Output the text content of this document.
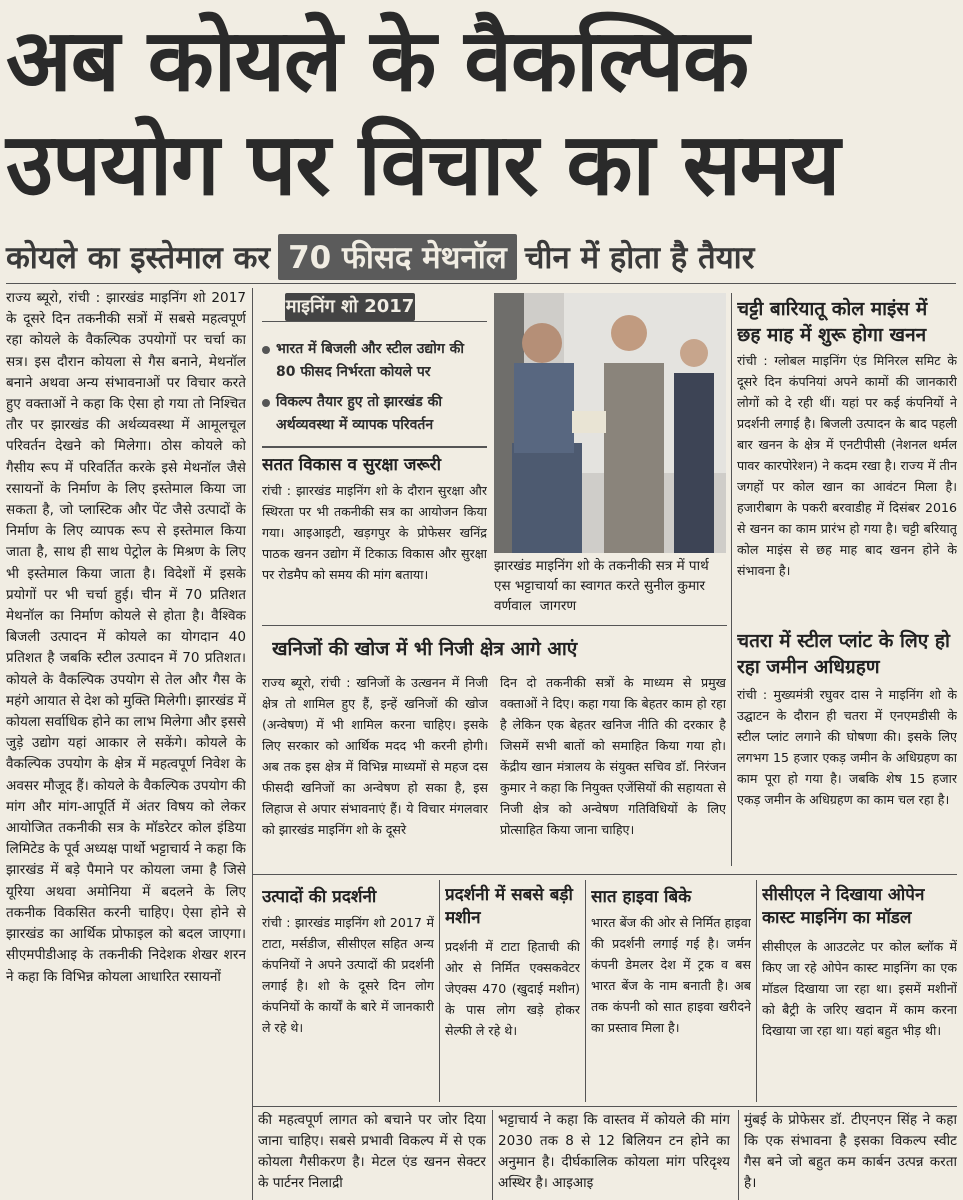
अब कोयले के वैकल्पिक
उपयोग पर विचार का समय
कोयले का इस्तेमाल कर 70 फीसद मेथनॉल चीन में होता है तैयार
राज्य ब्यूरो, रांची : झारखंड माइनिंग शो 2017 के दूसरे दिन तकनीकी सत्रों में सबसे महत्वपूर्ण रहा कोयले के वैकल्पिक उपयोगों पर चर्चा का सत्र। इस दौरान कोयला से गैस बनाने, मेथनॉल बनाने अथवा अन्य संभावनाओं पर विचार करते हुए वक्ताओं ने कहा कि ऐसा हो गया तो निश्चित तौर पर झारखंड की अर्थव्यवस्था में आमूलचूल परिवर्तन देखने को मिलेगा। ठोस कोयले को गैसीय रूप में परिवर्तित करके इसे मेथनॉल जैसे रसायनों के निर्माण के लिए इस्तेमाल किया जा सकता है, जो प्लास्टिक और पेंट जैसे उत्पादों के निर्माण के लिए व्यापक रूप से इस्तेमाल किया जाता है, साथ ही साथ पेट्रोल के मिश्रण के लिए भी इस्तेमाल किया जाता है। विदेशों में इसके प्रयोगों पर भी चर्चा हुई। चीन में 70 प्रतिशत मेथनॉल का निर्माण कोयले से होता है। वैश्विक बिजली उत्पादन में कोयले का योगदान 40 प्रतिशत है जबकि स्टील उत्पादन में 70 प्रतिशत। कोयले के वैकल्पिक उपयोग से तेल और गैस के महंगे आयात से देश को मुक्ति मिलेगी। झारखंड में कोयला सर्वाधिक होने का लाभ मिलेगा और इससे जुड़े उद्योग यहां आकार ले सकेंगे। कोयले के वैकल्पिक उपयोग के क्षेत्र में महत्वपूर्ण निवेश के अवसर मौजूद हैं। कोयले के वैकल्पिक उपयोग की मांग और मांग-आपूर्ति में अंतर विषय को लेकर आयोजित तकनीकी सत्र के मॉडरेटर कोल इंडिया लिमिटेड के पूर्व अध्यक्ष पार्थो भट्टाचार्य ने कहा कि झारखंड में बड़े पैमाने पर कोयला जमा है जिसे यूरिया अथवा अमोनिया में बदलने के लिए तकनीक विकसित करनी चाहिए। ऐसा होने से झारखंड का आर्थिक प्रोफाइल को बदल जाएगा। सीएमपीडीआइ के तकनीकी निदेशक शेखर शरन ने कहा कि विभिन्न कोयला आधारित रसायनों
माइनिंग शो 2017
भारत में बिजली और स्टील उद्योग की 80 फीसद निर्भरता कोयले पर
विकल्प तैयार हुए तो झारखंड की अर्थव्यवस्था में व्यापक परिवर्तन
सतत विकास व सुरक्षा जरूरी
रांची : झारखंड माइनिंग शो के दौरान सुरक्षा और स्थिरता पर भी तकनीकी सत्र का आयोजन किया गया। आइआइटी, खड़गपुर के प्रोफेसर खनिंद्र पाठक खनन उद्योग में टिकाऊ विकास और सुरक्षा पर रोडमैप को समय की मांग बताया।
झारखंड माइनिंग शो के तकनीकी सत्र में पार्थ एस भट्टाचार्या का स्वागत करते सुनील कुमार वर्णवाल जागरण
चट्टी बारियातू कोल माइंस में छह माह में शुरू होगा खनन
रांची : ग्लोबल माइनिंग एंड मिनिरल समिट के दूसरे दिन कंपनियां अपने कामों की जानकारी लोगों को दे रही थीं। यहां पर कई कंपनियों ने प्रदर्शनी लगाई है। बिजली उत्पादन के बाद पहली बार खनन के क्षेत्र में एनटीपीसी (नेशनल थर्मल पावर कारपोरेशन) ने कदम रखा है। राज्य में तीन जगहों पर कोल खान का आवंटन मिला है। हजारीबाग के पकरी बरवाडीह में दिसंबर 2016 से खनन का काम प्रारंभ हो गया है। चट्टी बरियातू कोल माइंस से छह माह बाद खनन होने के संभावना है।
चतरा में स्टील प्लांट के लिए हो रहा जमीन अधिग्रहण
रांची : मुख्यमंत्री रघुवर दास ने माइनिंग शो के उद्घाटन के दौरान ही चतरा में एनएमडीसी के स्टील प्लांट लगाने की घोषणा की। इसके लिए लगभग 15 हजार एकड़ जमीन के अधिग्रहण का काम पूरा हो गया है। जबकि शेष 15 हजार एकड़ जमीन के अधिग्रहण का काम चल रहा है।
खनिजों की खोज में भी निजी क्षेत्र आगे आएं
राज्य ब्यूरो, रांची : खनिजों के उत्खनन में निजी क्षेत्र तो शामिल हुए हैं, इन्हें खनिजों की खोज (अन्वेषण) में भी शामिल करना चाहिए। इसके लिए सरकार को आर्थिक मदद भी करनी होगी। अब तक इस क्षेत्र में विभिन्न माध्यमों से महज दस फीसदी खनिजों का अन्वेषण हो सका है, इस लिहाज से अपार संभावनाएं हैं। ये विचार मंगलवार को झारखंड माइनिंग शो के दूसरे
दिन दो तकनीकी सत्रों के माध्यम से प्रमुख वक्ताओं ने दिए। कहा गया कि बेहतर काम हो रहा है लेकिन एक बेहतर खनिज नीति की दरकार है जिसमें सभी बातों को समाहित किया गया हो। केंद्रीय खान मंत्रालय के संयुक्त सचिव डॉ. निरंजन कुमार ने कहा कि नियुक्त एजेंसियों की सहायता से निजी क्षेत्र को अन्वेषण गतिविधियों के लिए प्रोत्साहित किया जाना चाहिए।
उत्पादों की प्रदर्शनी
रांची : झारखंड माइनिंग शो 2017 में टाटा, मर्सडीज, सीसीएल सहित अन्य कंपनियों ने अपने उत्पादों की प्रदर्शनी लगाई है। शो के दूसरे दिन लोग कंपनियों के कार्यों के बारे में जानकारी ले रहे थे।
प्रदर्शनी में सबसे बड़ी मशीन
प्रदर्शनी में टाटा हिताची की ओर से निर्मित एक्सकवेटर जेएक्स 470 (खुदाई मशीन) के पास लोग खड़े होकर सेल्फी ले रहे थे।
सात हाइवा बिके
भारत बेंज की ओर से निर्मित हाइवा की प्रदर्शनी लगाई गई है। जर्मन कंपनी डेमलर देश में ट्रक व बस भारत बेंज के नाम बनाती है। अब तक कंपनी को सात हाइवा खरीदने का प्रस्ताव मिला है।
सीसीएल ने दिखाया ओपेन कास्ट माइनिंग का मॉडल
सीसीएल के आउटलेट पर कोल ब्लॉक में किए जा रहे ओपेन कास्ट माइनिंग का एक मॉडल दिखाया जा रहा था। इसमें मशीनों को बैट्री के जरिए खदान में काम करना दिखाया जा रहा था। यहां बहुत भीड़ थी।
की महत्वपूर्ण लागत को बचाने पर जोर दिया जाना चाहिए। सबसे प्रभावी विकल्प में से एक कोयला गैसीकरण है। मेटल एंड खनन सेक्टर के पार्टनर निलाद्री
भट्टाचार्य ने कहा कि वास्तव में कोयले की मांग 2030 तक 8 से 12 बिलियन टन होने का अनुमान है। दीर्घकालिक कोयला मांग परिदृश्य अस्थिर है। आइआइ
मुंबई के प्रोफेसर डॉ. टीएनएन सिंह ने कहा कि एक संभावना है इसका विकल्प स्वीट गैस बने जो बहुत कम कार्बन उत्पन्न करता है।
